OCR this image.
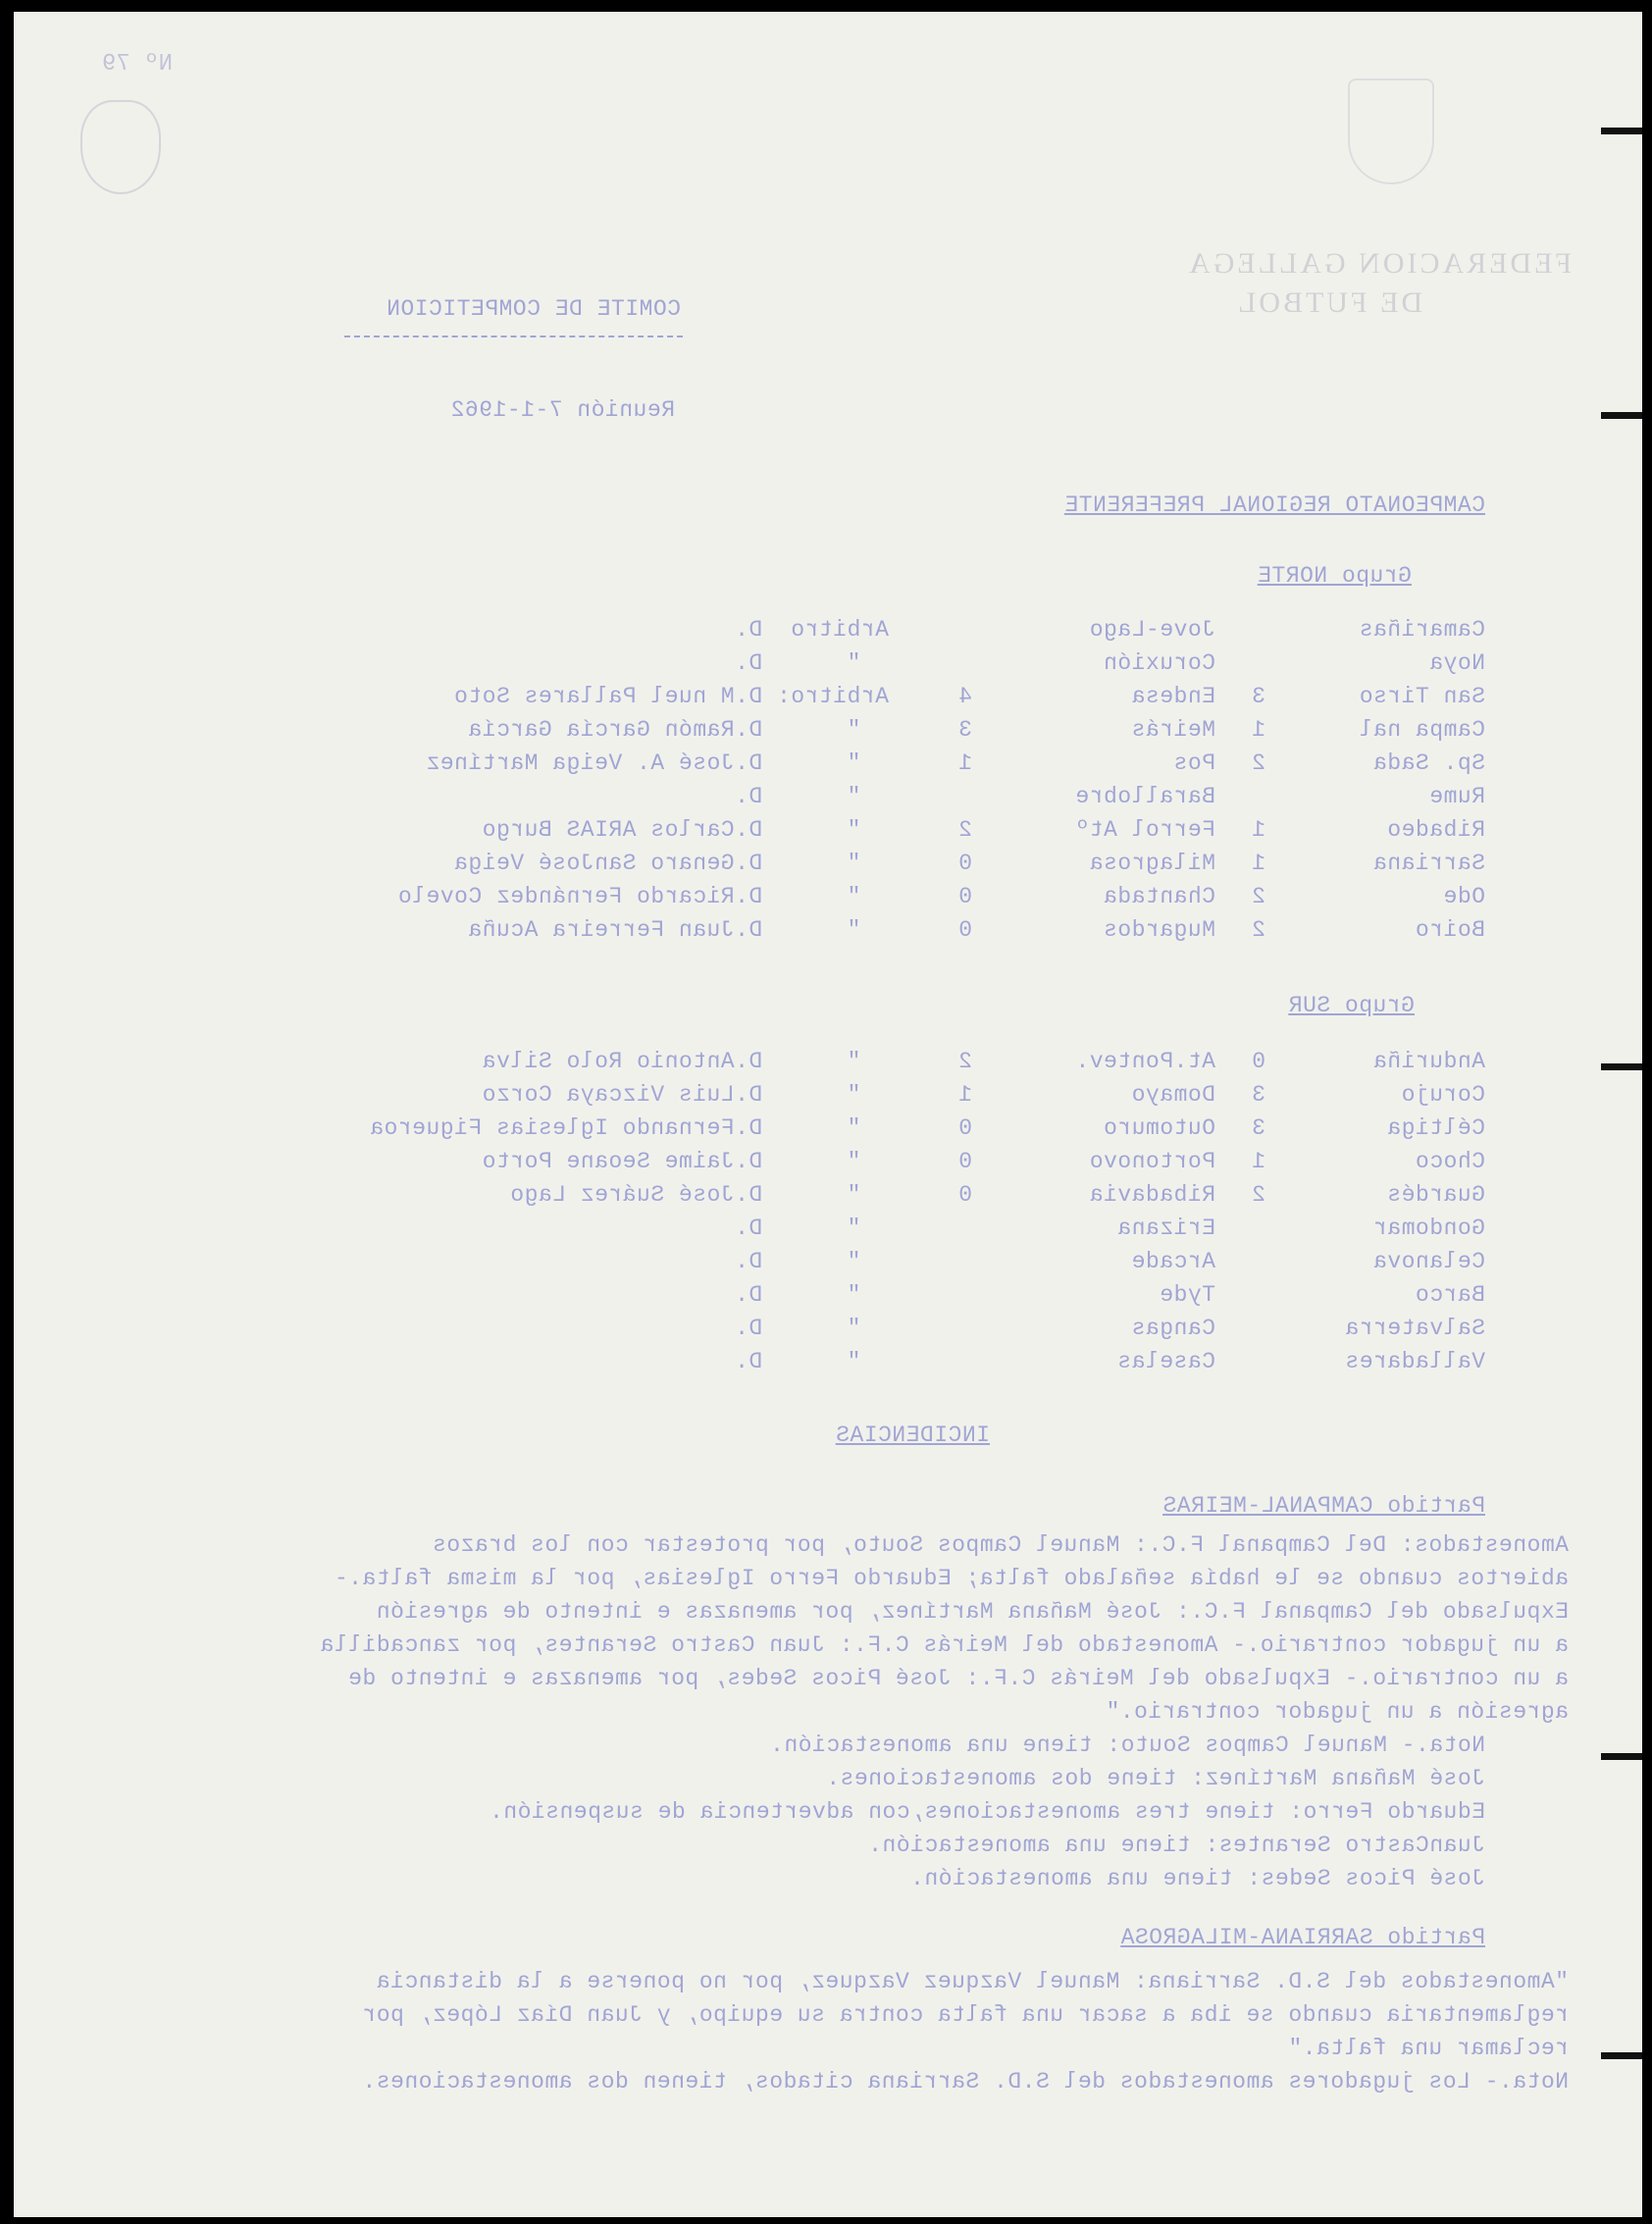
Nº 79
FEDERACION GALLEGA
DE FUTBOL
COMITE DE COMPETICION
Reunión 7-1-1962
CAMPEONATO REGIONAL PREFERENTE
Grupo NORTE
Camariñas
Jove-Lago
Arbitro  D.
Noya
Coruxión
"      D.
San Tirso
3
Endesa
4
Arbitro: D.M nuel Pallares Soto
Campa nal
1
Meirás
3
"      D.Ramón García García
Sp. Sada
2
Pos
1
"      D.José A. Veiga Martínez
Rume
Barallobre
"      D.
Ribadeo
1
Ferrol Atº
2
"      D.Carlos ARIAS Burgo
Sarriana
1
Milagrosa
0
"      D.Genaro SanJosé Veiga
Ode
2
Chantada
0
"      D.Ricardo Fernández Covelo
Boiro
2
Mugardos
0
"      D.Juan Ferreira Acuña
Grupo SUR
Anduriña
0
At.Pontev.
2
"      D.Antonio Rolo Silva
Corujo
3
Domayo
1
"      D.Luis Vizcaya Corzo
Céltiga
3
Outomuro
0
"      D.Fernando Iglesias Figueroa
Choco
1
Portonovo
0
"      D.Jaime Seoane Porto
Guardés
2
Ribadavia
0
"      D.José Suárez Lago
Gondomar
Erizana
"      D.
Celanova
Arcade
"      D.
Barco
Tyde
"      D.
Salvaterra
Cangas
"      D.
Valladares
Caselas
"      D.
INCIDENCIAS
Partido CAMPANAL-MEIRAS
Amonestados: Del Campanal F.C.: Manuel Campos Souto, por protestar con los brazos
abiertos cuando se le había señalado falta; Eduardo Ferro Iglesias, por la misma falta.-
Expulsado del Campanal F.C.: José Mañana Martínez, por amenazas e intento de agresión
a un jugador contrario.- Amonestado del Meirás C.F.: Juan Castro Serantes, por zancadilla
a un contrario.- Expulsado del Meirás C.F.: José Picos Sedes, por amenazas e intento de
agresión a un jugador contrario."
Nota.- Manuel Campos Souto: tiene una amonestación.
José Mañana Martínez: tiene dos amonestaciones.
Eduardo Ferro: tiene tres amonestaciones,con advertencia de suspensión.
JuanCastro Serantes: tiene una amonestación.
José Picos Sedes: tiene una amonestación.
Partido SARRIANA-MILAGROSA
"Amonestados del S.D. Sarriana: Manuel Vazquez Vazquez, por no ponerse a la distancia
reglamentaria cuando se iba a sacar una falta contra su equipo, y Juan Díaz López, por
reclamar una falta."
Nota.- Los jugadores amonestados del S.D. Sarriana citados, tienen dos amonestaciones.
